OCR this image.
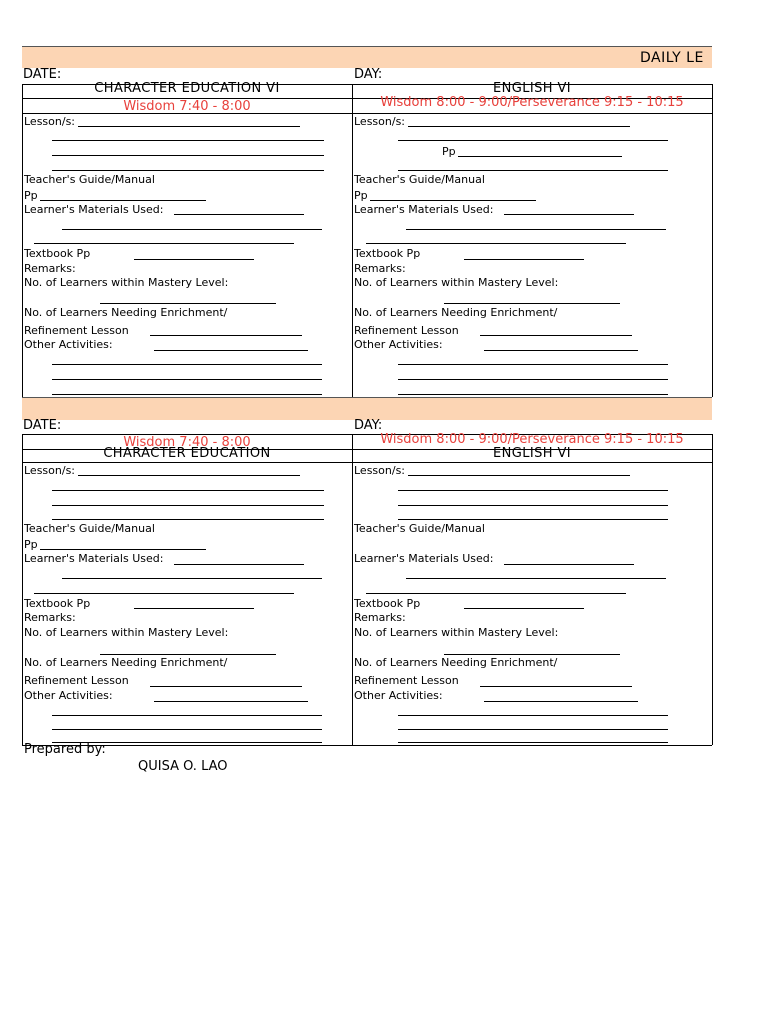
DAILY LE
DATE:	DAY:
CHARACTER EDUCATION VI
Wisdom 7:40 - 8:00
Lesson/s:
Teacher's Guide/Manual
Pp
Learner's Materials Used:
Textbook Pp
Remarks:
No. of Learners within Mastery Level:
No. of Learners Needing Enrichment/
Refinement Lesson
Other Activities:
ENGLISH VI
Wisdom 8:00 - 9:00/Perseverance 9:15 - 10:15
Lesson/s:
Pp
Teacher's Guide/Manual
Pp
Learner's Materials Used:
Textbook Pp
Remarks:
No. of Learners within Mastery Level:
No. of Learners Needing Enrichment/
Refinement Lesson
Other Activities:
DATE:	DAY:
Wisdom 7:40 - 8:00
CHARACTER EDUCATION
Lesson/s:
Teacher's Guide/Manual
Pp
Learner's Materials Used:
Textbook Pp
Remarks:
No. of Learners within Mastery Level:
No. of Learners Needing Enrichment/
Refinement Lesson
Other Activities:
Wisdom 8:00 - 9:00/Perseverance 9:15 - 10:15
ENGLISH VI
Lesson/s:
Teacher's Guide/Manual
Learner's Materials Used:
Textbook Pp
Remarks:
No. of Learners within Mastery Level:
No. of Learners Needing Enrichment/
Refinement Lesson
Other Activities:
Prepared by:
QUISA O. LAO
